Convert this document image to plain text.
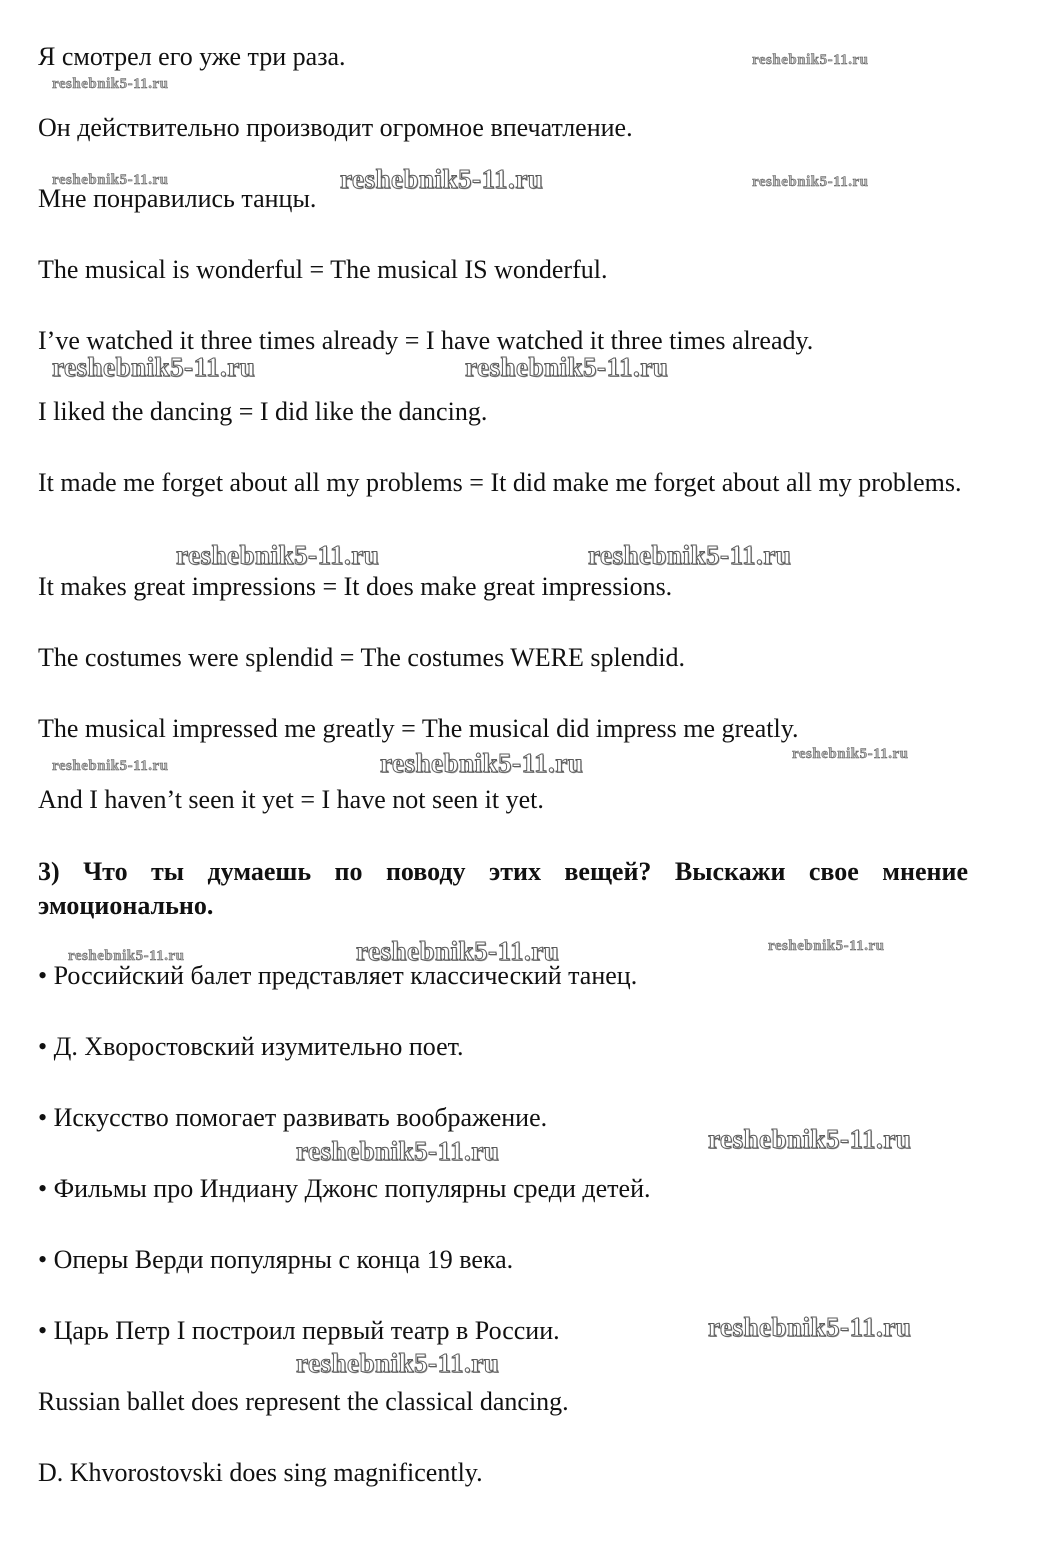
reshebnik5-11.ru
reshebnik5-11.ru
reshebnik5-11.ru	reshebnik5-11.ru	reshebnik5-11.ru
reshebnik5-11.ru	reshebnik5-11.ru
reshebnik5-11.ru	reshebnik5-11.ru
reshebnik5-11.ru
reshebnik5-11.ru	reshebnik5-11.ru
reshebnik5-11.ru	reshebnik5-11.ru	reshebnik5-11.ru
reshebnik5-11.ru
reshebnik5-11.ru
reshebnik5-11.ru
reshebnik5-11.ru
Я смотрел его уже три раза.
Он действительно производит огромное впечатление.
Мне понравились танцы.
The musical is wonderful = The musical IS wonderful.
I’ve watched it three times already = I have watched it three times already.
I liked the dancing = I did like the dancing.
It made me forget about all my problems = It did make me forget about all my problems.
It makes great impressions = It does make great impressions.
The costumes were splendid = The costumes WERE splendid.
The musical impressed me greatly = The musical did impress me greatly.
And I haven’t seen it yet = I have not seen it yet.
3) Что ты думаешь по поводу этих вещей? Выскажи свое мнение
эмоционально.
• Российский балет представляет классический танец.
• Д. Хворостовский изумительно поет.
• Искусство помогает развивать воображение.
• Фильмы про Индиану Джонс популярны среди детей.
• Оперы Верди популярны с конца 19 века.
• Царь Петр I построил первый театр в России.
Russian ballet does represent the classical dancing.
D. Khvorostovski does sing magnificently.
